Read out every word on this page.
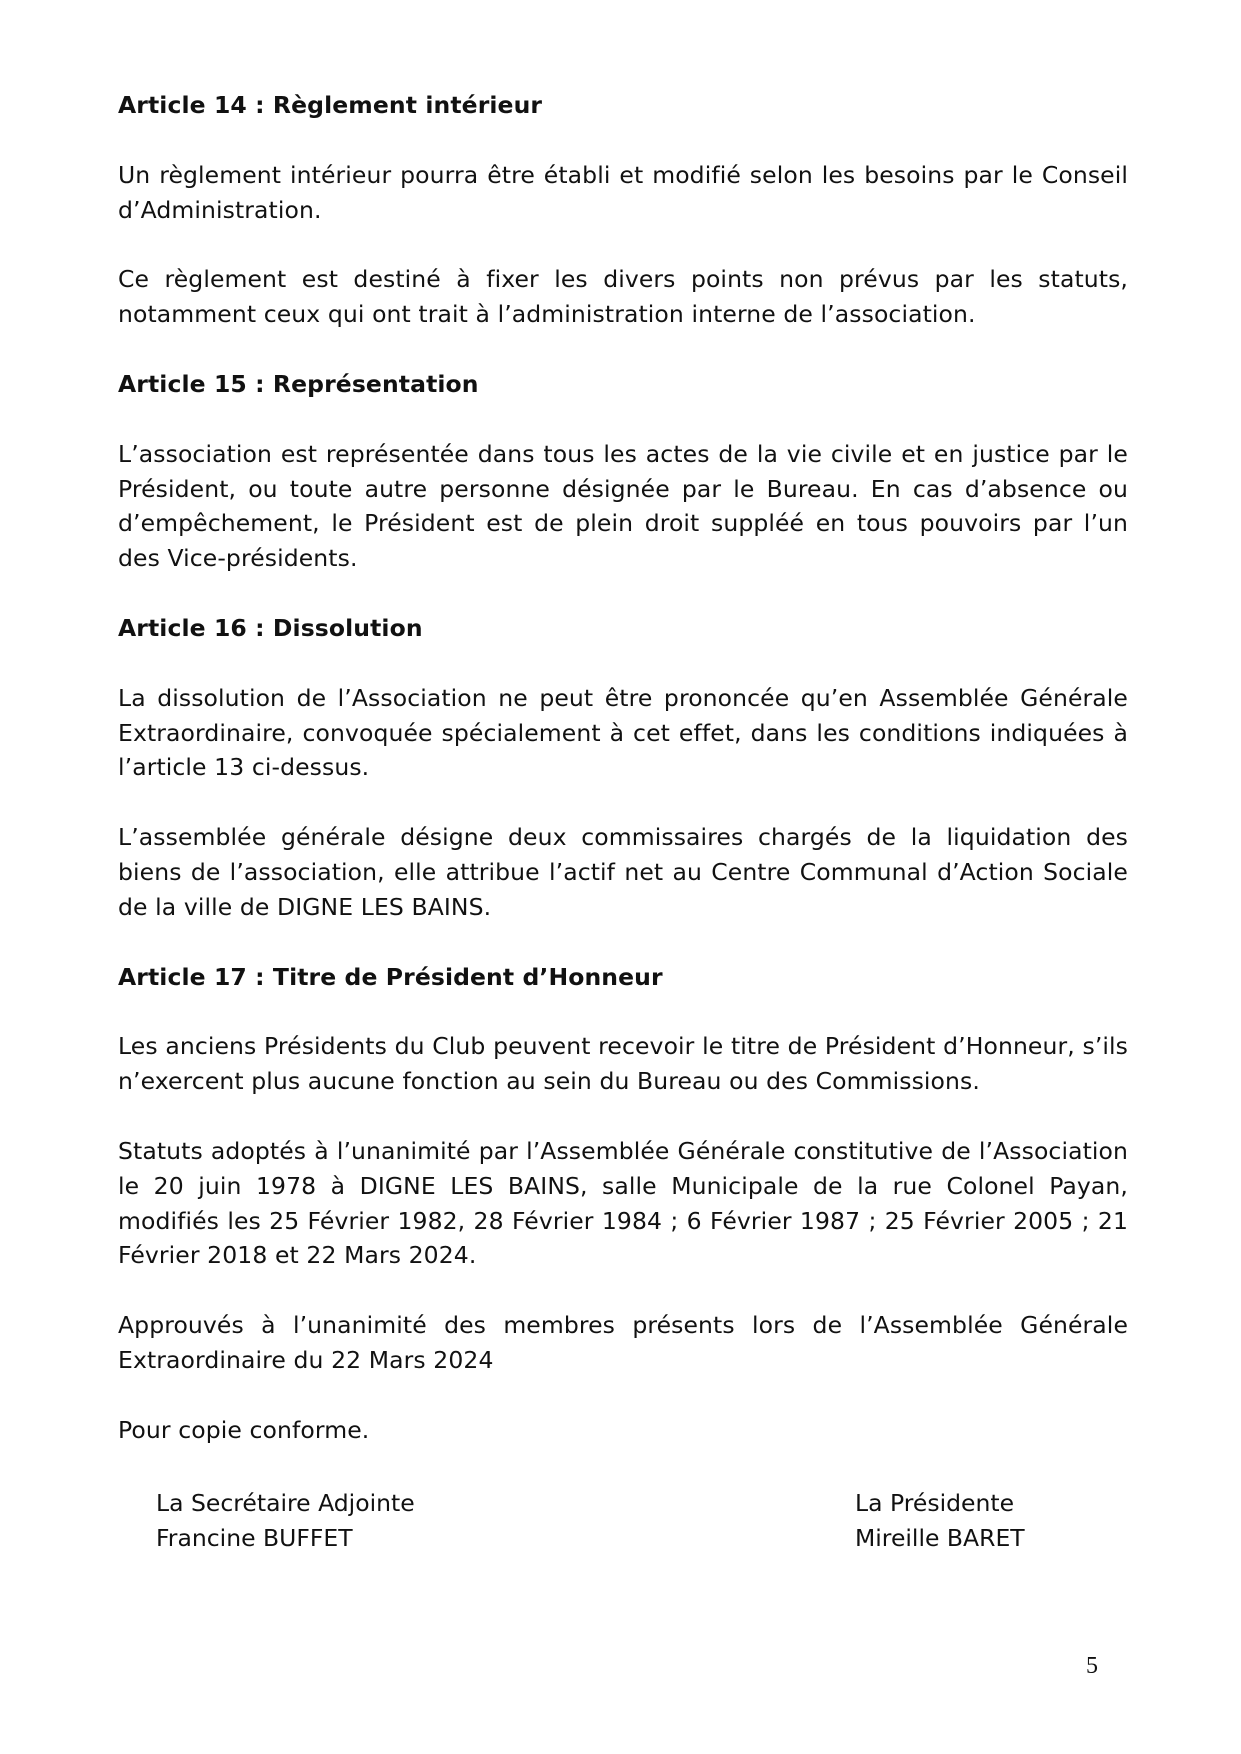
Article 14 : Règlement intérieur

Un règlement intérieur pourra être établi et modifié selon les besoins par le Conseil d’Administration.

Ce règlement est destiné à fixer les divers points non prévus par les statuts, notamment ceux qui ont trait à l’administration interne de l’association.

Article 15 : Représentation

L’association est représentée dans tous les actes de la vie civile et en justice par le Président, ou toute autre personne désignée par le Bureau. En cas d’absence ou d’empêchement, le Président est de plein droit suppléé en tous pouvoirs par l’un des Vice-présidents.

Article 16 : Dissolution

La dissolution de l’Association ne peut être prononcée qu’en Assemblée Générale Extraordinaire, convoquée spécialement à cet effet, dans les conditions indiquées à l’article 13 ci-dessus.

L’assemblée générale désigne deux commissaires chargés de la liquidation des biens de l’association, elle attribue l’actif net au Centre Communal d’Action Sociale de la ville de DIGNE LES BAINS.

Article 17 : Titre de Président d’Honneur

Les anciens Présidents du Club peuvent recevoir le titre de Président d’Honneur, s’ils n’exercent plus aucune fonction au sein du Bureau ou des Commissions.

Statuts adoptés à l’unanimité par l’Assemblée Générale constitutive de l’Association le 20 juin 1978 à DIGNE LES BAINS, salle Municipale de la rue Colonel Payan, modifiés les 25 Février 1982, 28 Février 1984 ; 6 Février 1987 ; 25 Février 2005 ; 21 Février 2018 et 22 Mars 2024.

Approuvés à l’unanimité des membres présents lors de l’Assemblée Générale Extraordinaire du 22 Mars 2024

Pour copie conforme.

La Secrétaire Adjointe
Francine BUFFET
La Présidente
Mireille BARET
5
